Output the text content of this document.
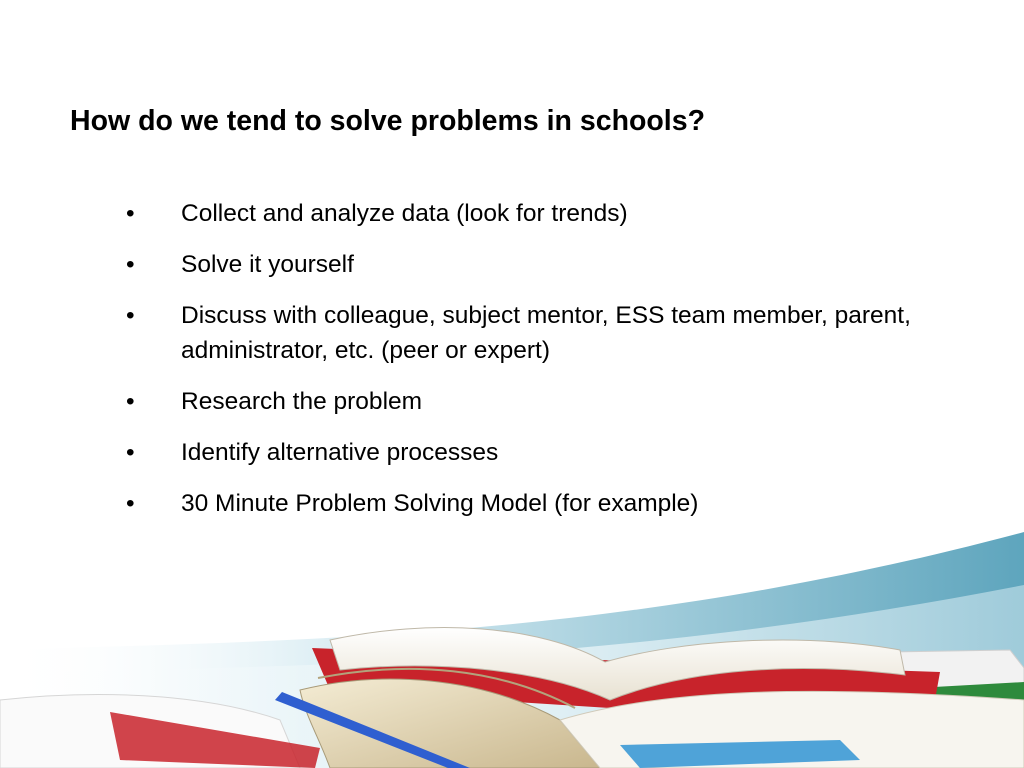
How do we tend to solve problems in schools?
•	Collect and analyze data (look for trends)
•	Solve it yourself
•	Discuss with colleague, subject mentor, ESS team member, parent, administrator, etc. (peer or expert)
•	Research the problem
•	Identify alternative processes
•	30 Minute Problem Solving Model (for example)
